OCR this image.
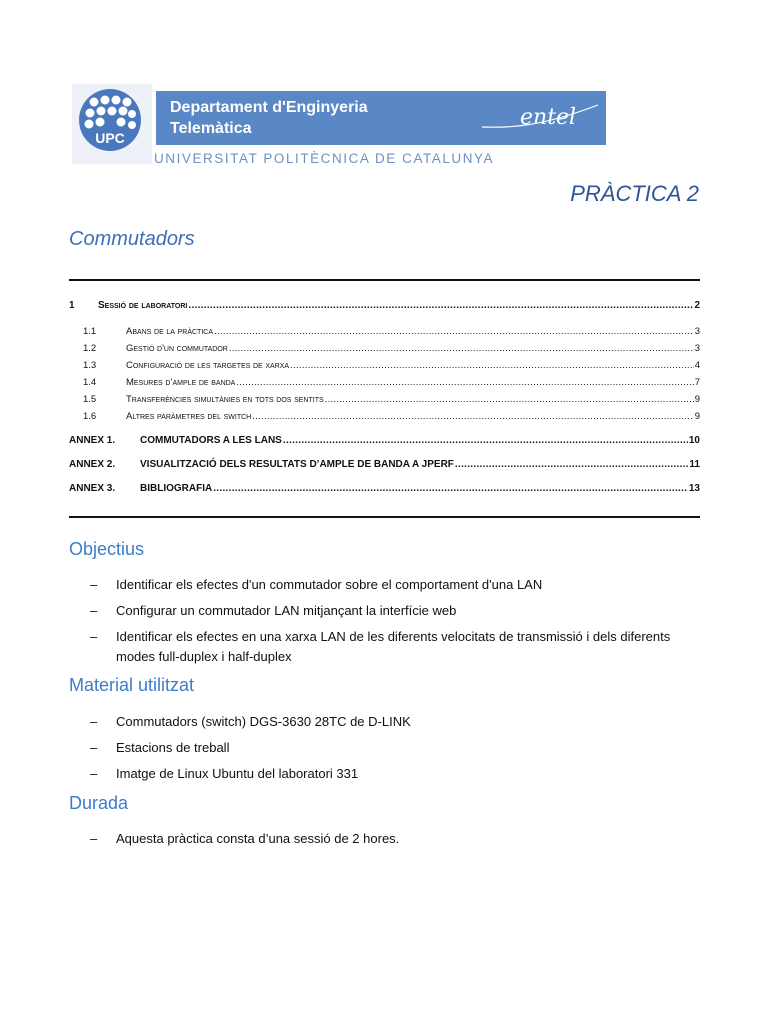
UPC
Departament d'Enginyeria
Telemàtica	entel
UNIVERSITAT POLITÈCNICA DE CATALUNYA
PRÀCTICA 2
Commutadors
1	Sessió de laboratori .....	2
1.1	Abans de la pràctica .....	3
1.2	Gestió d'un commutador .....	3
1.3	Configuració de les targetes de xarxa .....	4
1.4	Mesures d’ample de banda .....	7
1.5	Transferències simultànies en tots dos sentits .....	9
1.6	Altres paràmetres del switch .....	9
ANNEX 1.	COMMUTADORS A LES LANS .....	10
ANNEX 2.	VISUALITZACIÓ DELS RESULTATS D’AMPLE DE BANDA A JPERF .....	11
ANNEX 3.	BIBLIOGRAFIA .....	13
Objectius
– Identificar els efectes d'un commutador sobre el comportament d'una LAN
– Configurar un commutador LAN mitjançant la interfície web
– Identificar els efectes en una xarxa LAN de les diferents velocitats de transmissió i dels diferents modes full-duplex i half-duplex
Material utilitzat
– Commutadors (switch) DGS-3630 28TC de D-LINK
– Estacions de treball
– Imatge de Linux Ubuntu del laboratori 331
Durada
– Aquesta pràctica consta d’una sessió de 2 hores.
